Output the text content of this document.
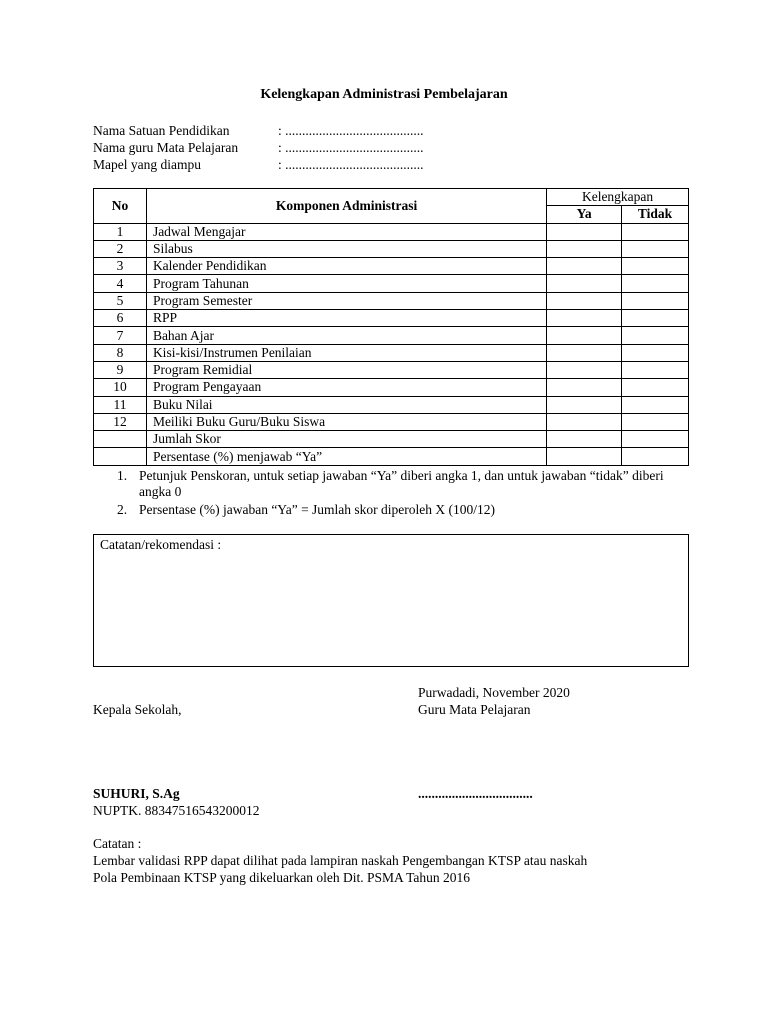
Kelengkapan Administrasi Pembelajaran
Nama Satuan Pendidikan	: .........................................
Nama guru Mata Pelajaran	: .........................................
Mapel yang diampu	: .........................................
No	Komponen Administrasi	Kelengkapan	
		Ya	Tidak
1	Jadwal Mengajar		
2	Silabus		
3	Kalender Pendidikan		
4	Program Tahunan		
5	Program Semester		
6	RPP		
7	Bahan Ajar		
8	Kisi-kisi/Instrumen Penilaian		
9	Program Remidial		
10	Program Pengayaan		
11	Buku Nilai		
12	Meiliki Buku Guru/Buku Siswa		
	Jumlah Skor		
	Persentase (%) menjawab “Ya”		
1. Petunjuk Penskoran, untuk setiap jawaban “Ya” diberi angka 1, dan untuk jawaban “tidak” diberi angka 0
2. Persentase (%) jawaban “Ya” = Jumlah skor diperoleh X (100/12)
Catatan/rekomendasi :
Purwadadi, November 2020
Kepala Sekolah,	Guru Mata Pelajaran
SUHURI, S.Ag	..................................
NUPTK. 88347516543200012
Catatan :
Lembar validasi RPP dapat dilihat pada lampiran naskah Pengembangan KTSP atau naskah
Pola Pembinaan KTSP yang dikeluarkan oleh Dit. PSMA Tahun 2016
